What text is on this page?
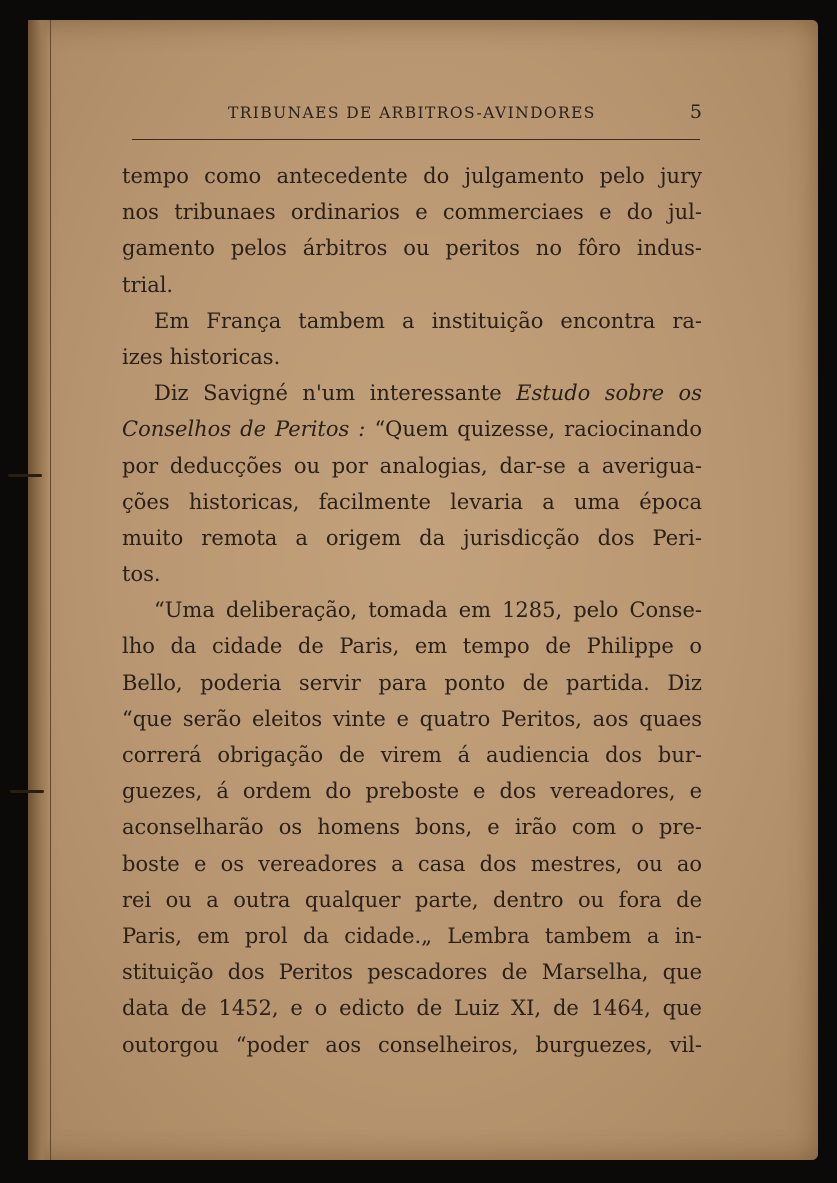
TRIBUNAES DE ARBITROS-AVINDORES	5
tempo como antecedente do julgamento pelo jury
nos tribunaes ordinarios e commerciaes e do jul-
gamento pelos árbitros ou peritos no fôro indus-
trial.
Em França tambem a instituição encontra ra-
izes historicas.
Diz Savigné n'um interessante Estudo sobre os
Conselhos de Peritos : “Quem quizesse, raciocinando
por deducções ou por analogias, dar-se a averigua-
ções historicas, facilmente levaria a uma época
muito remota a origem da jurisdicção dos Peri-
tos.
“Uma deliberação, tomada em 1285, pelo Conse-
lho da cidade de Paris, em tempo de Philippe o
Bello, poderia servir para ponto de partida. Diz
“que serão eleitos vinte e quatro Peritos, aos quaes
correrá obrigação de virem á audiencia dos bur-
guezes, á ordem do preboste e dos vereadores, e
aconselharão os homens bons, e irão com o pre-
boste e os vereadores a casa dos mestres, ou ao
rei ou a outra qualquer parte, dentro ou fora de
Paris, em prol da cidade.„ Lembra tambem a in-
stituição dos Peritos pescadores de Marselha, que
data de 1452, e o edicto de Luiz XI, de 1464, que
outorgou “poder aos conselheiros, burguezes, vil-
